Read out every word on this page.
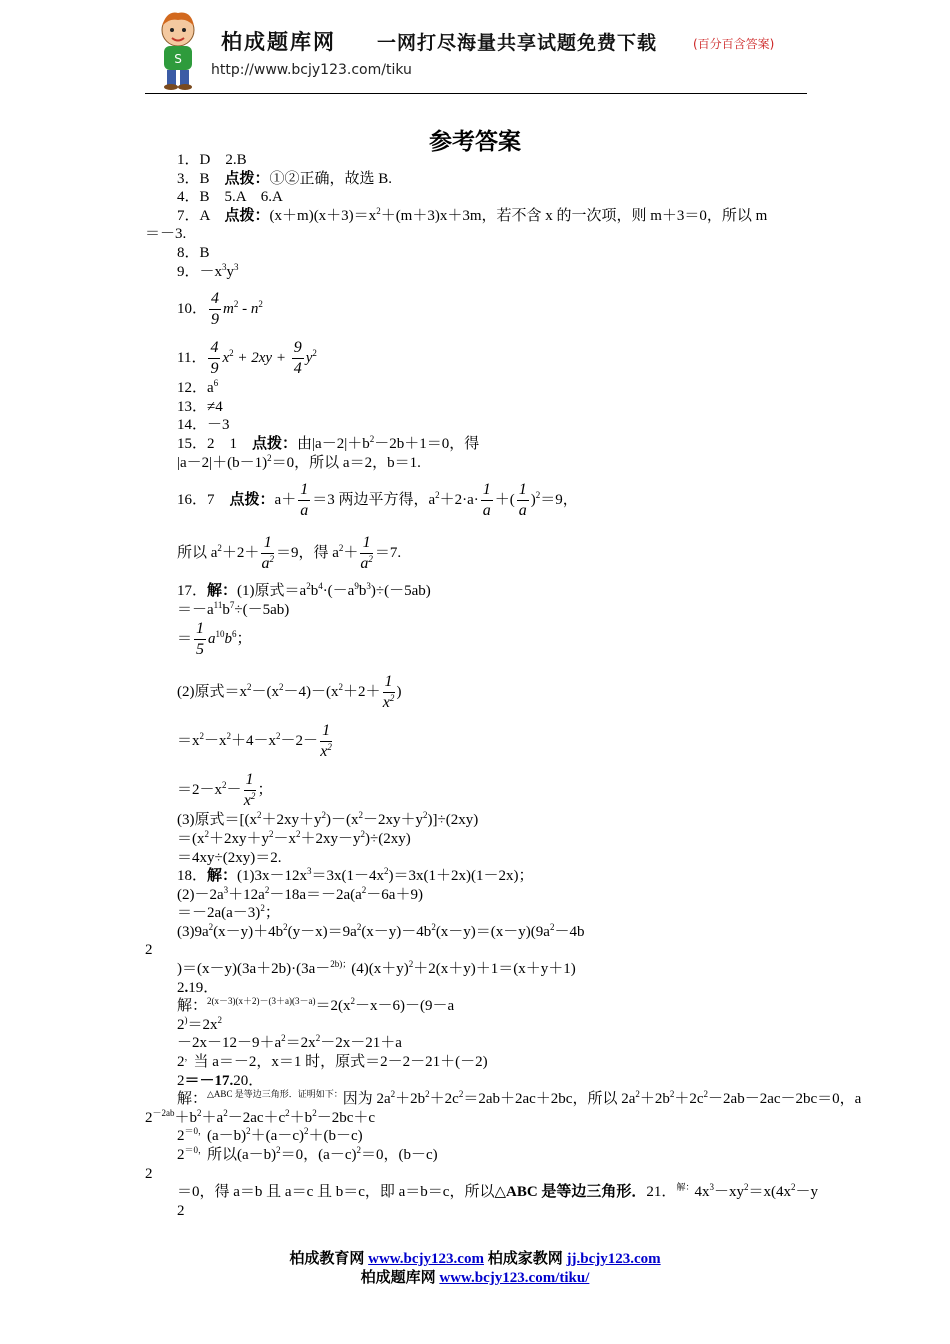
S
柏成题库网 一网打尽海量共享试题免费下载	(百分百含答案)
http://www.bcjy123.com/tiku
参考答案
1．D　2.B
3．B　点拨：①②正确，故选 B.
4．B　5.A　6.A
7．A　点拨：$(x+m)(x+3)=x^2+(m+3)x+3m$，若不含 x 的一次项，则 m＋3＝0，所以 m
＝－3.
8．B
9．$-x^3y^3$
10． $\frac{4}{9} m^2 - n^2$
11． $\frac{4}{9} x^2 + 2xy + \frac{9}{4} y^2$
12．$a^6$
13．≠4
14．－3
15．2　1　点拨：由$|a-2|+b^2-2b+1=0$，得
$|a-2|+(b-1)^2=0$，所以 a＝2，b＝1.
16．7　点拨：$a+ \frac{1}{a} =3$ 两边平方得，$a^2+2\cdot a\cdot \frac{1}{a}$ ＋( $\frac{1}{a} )^2=9$，
所以 $a^2+2+ \frac{1}{a^2} =9$，得 $a^2+ \frac{1}{a^2} =7$.
17．解：(1)原式$=a^2b^4\cdot(-a^9b^3)\div(-5ab)$
$=-a^{11}b^7\div(-5ab)$
＝ $\frac{1}{5} a^{10}b^6$；
(2)原式$=x^2-(x^2-4)-(x^2+2+ \frac{1}{x^2}$ )
$=x^2-x^2+4-x^2-2- \frac{1}{x^2}$
$=2-x^2- \frac{1}{x^2}$ ；
(3)原式$=[(x^2+2xy+y^2)-(x^2-2xy+y^2)]\div(2xy)$
$=(x^2+2xy+y^2-x^2+2xy-y^2)\div(2xy)$
＝4xy÷(2xy)＝2.
18．解：$(1)3x-12x^3=3x(1-4x^2)=3x(1+2x)(1-2x)$；
$(2)-2a^3+12a^2-18a=-2a(a^2-6a+9)$
$=-2a(a-3)^2$；
$(3)9a^2(x-y)+4b^2(y-x)=9a^2(x-y)-4b^2(x-y)=(x-y)(9a^2-4b$
2
)$=(x-y)(3a+2b)\cdot(3a-^{2b);}(4)(x+y)^2+2(x+y)+1=(x+y+1)$
2.19．
解：$^{2(x-3)(x+2)-(3+a)(3-a)}=2(x^2-x-6)-(9-a$
$2^)=2x^2$
$-2x-12-9+a^2=2x^2-2x-21+a$
2，当 a＝－2，x＝1 时，原式＝2－2－21＋(－2)
2＝－17.20．
解：$^{\triangle ABC 是等边三角形.证明如下:}$因为 $2a^2+2b^2+2c^2=2ab+2ac+2bc$，所以 $2a^2+2b^2+2c^2-2ab-2ac-2bc=0$，a
$2^{-2ab}+b^2+a^2-2ac+c^2+b^2-2bc+c$
$2^{=0,}(a-b)^2+(a-c)^2+(b-c)$
$2^{=0,}$所以$(a-b)^2=0$，$(a-c)^2=0$，(b－c)
2
＝0，得 a＝b 且 a＝c 且 b＝c，即 a＝b＝c，所以△ABC 是等边三角形．21．$^{解:}4x^3-xy^2=x(4x^2-y$
2
柏成教育网 www.bcjy123.com 柏成家教网 jj.bcjy123.com
柏成题库网 www.bcjy123.com/tiku/
